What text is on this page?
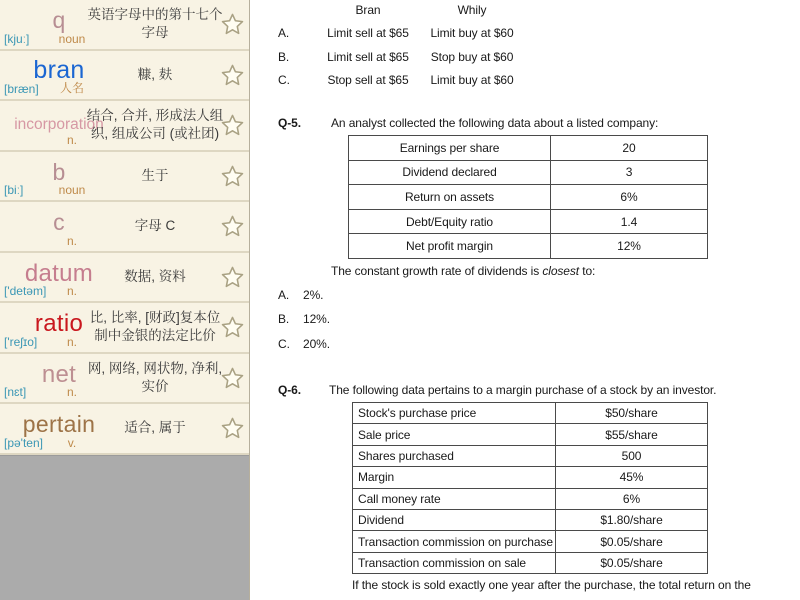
q
[kjuː]	noun
英语字母中的第十七个字母
bran
[bræn]	人名
糠, 麸
incorporation
n.
结合, 合并, 形成法人组织, 组成公司 (或社团)
b
[biː]	noun
生于
c
n.
字母 C
datum
['detəm]	n.
数据, 资料
ratio
['reʃɪo]	n.
比, 比率, [财政]复本位制中金银的法定比价
net
[nɛt]	n.
网, 网络, 网状物, 净利, 实价
pertain
[pə'ten]	v.
适合, 属于
Bran	Whily
A.	Limit sell at $65	Limit buy at $60
B.	Limit sell at $65	Stop buy at $60
C.	Stop sell at $65	Limit buy at $60
Q-5.	An analyst collected the following data about a listed company:
Earnings per share	20
Dividend declared	3
Return on assets	6%
Debt/Equity ratio	1.4
Net profit margin	12%
The constant growth rate of dividends is closest to:
A. 2%.
B. 12%.
C. 20%.
Q-6. The following data pertains to a margin purchase of a stock by an investor.
Stock's purchase price	$50/share
Sale price	$55/share
Shares purchased	500
Margin	45%
Call money rate	6%
Dividend	$1.80/share
Transaction commission on purchase	$0.05/share
Transaction commission on sale	$0.05/share
If the stock is sold exactly one year after the purchase, the total return on the
